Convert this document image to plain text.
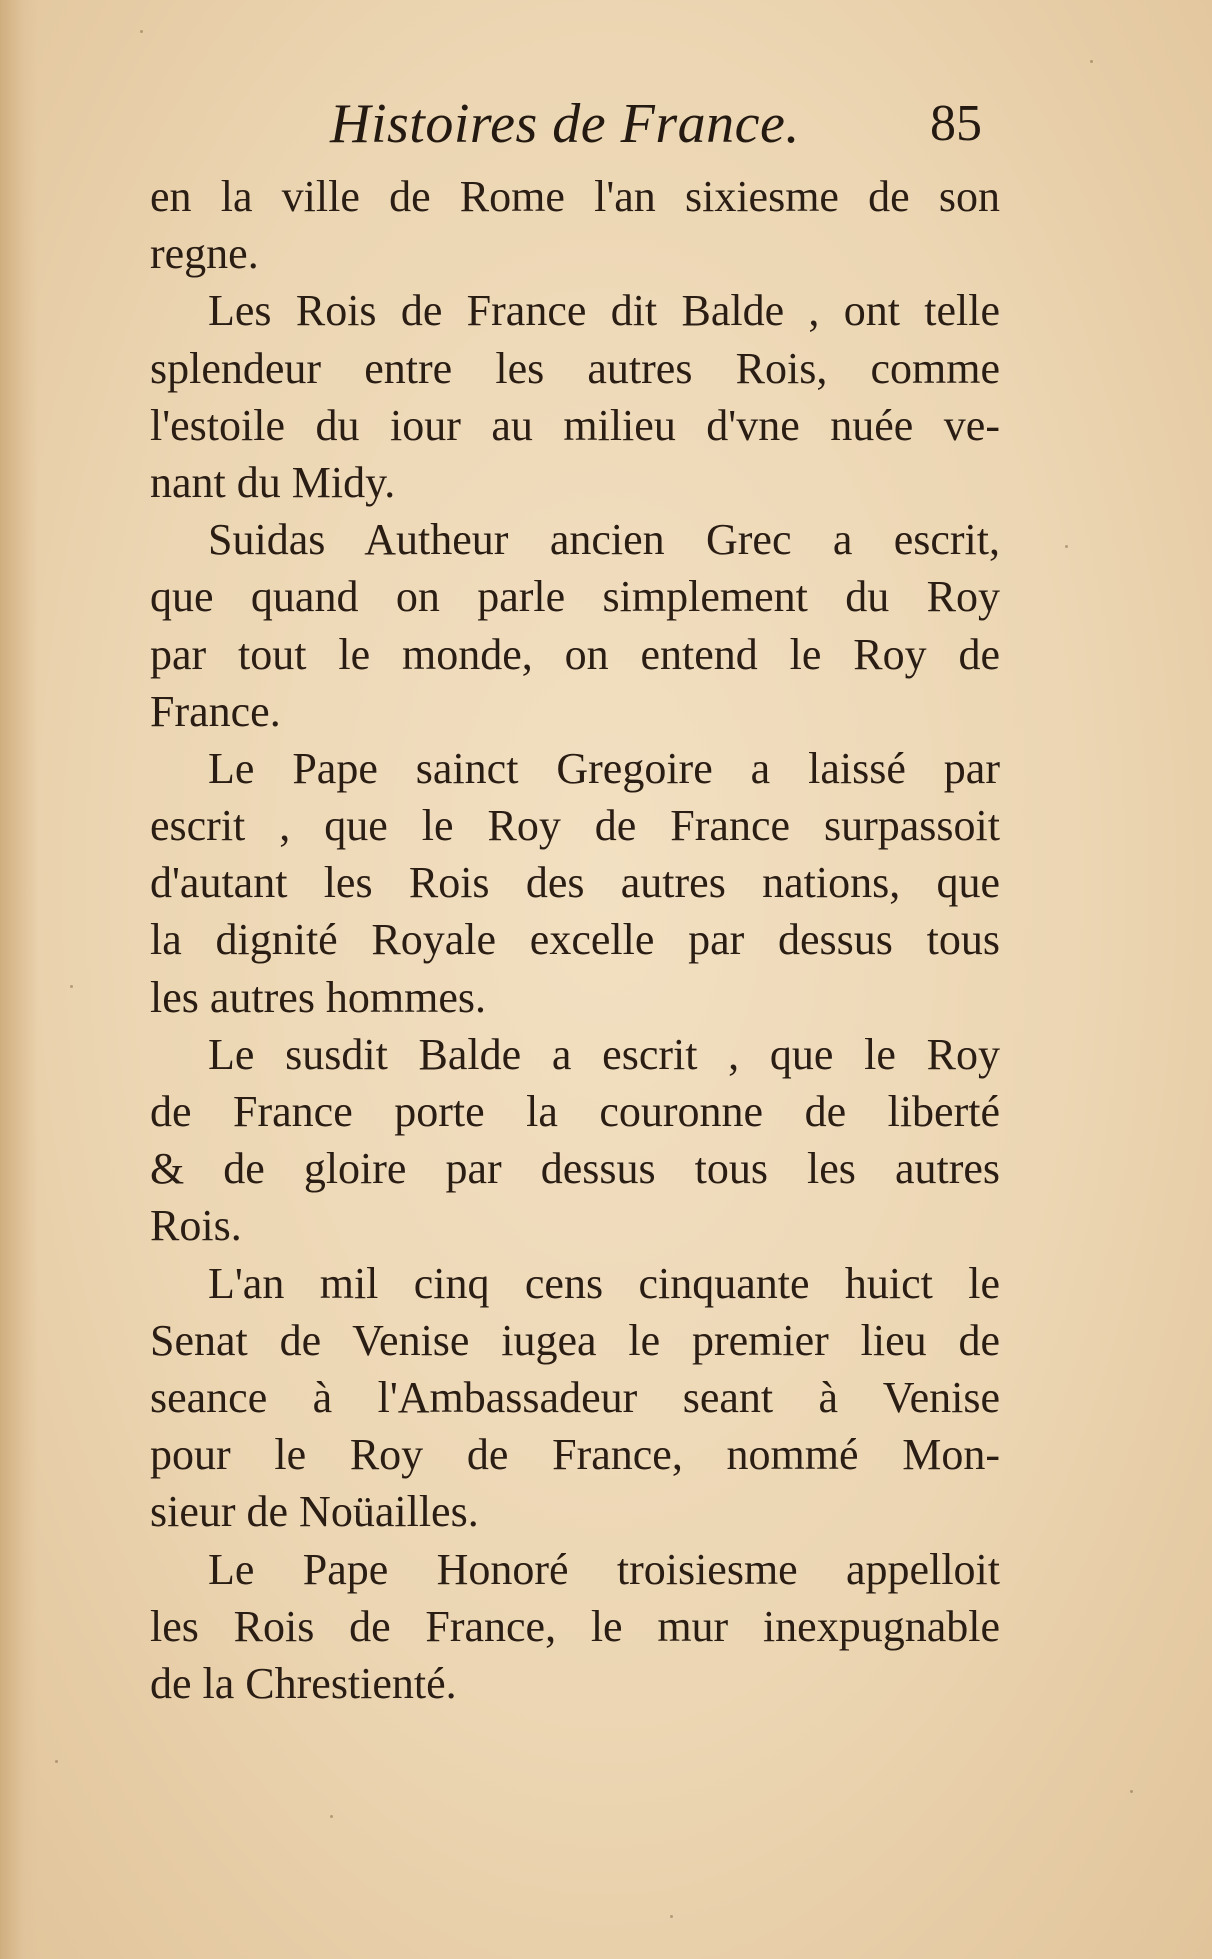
Histoires de France.	85
en la ville de Rome l'an sixiesme de son
regne.
Les Rois de France dit Balde , ont telle
splendeur entre les autres Rois, comme
l'estoile du iour au milieu d'vne nuée ve-
nant du Midy.
Suidas Autheur ancien Grec a escrit,
que quand on parle simplement du Roy
par tout le monde, on entend le Roy de
France.
Le Pape sainct Gregoire a laissé par
escrit , que le Roy de France surpassoit
d'autant les Rois des autres nations, que
la dignité Royale excelle par dessus tous
les autres hommes.
Le susdit Balde a escrit , que le Roy
de France porte la couronne de liberté
& de gloire par dessus tous les autres
Rois.
L'an mil cinq cens cinquante huict le
Senat de Venise iugea le premier lieu de
seance à l'Ambassadeur seant à Venise
pour le Roy de France, nommé Mon-
sieur de Noüailles.
Le Pape Honoré troisiesme appelloit
les Rois de France, le mur inexpugnable
de la Chrestienté.
